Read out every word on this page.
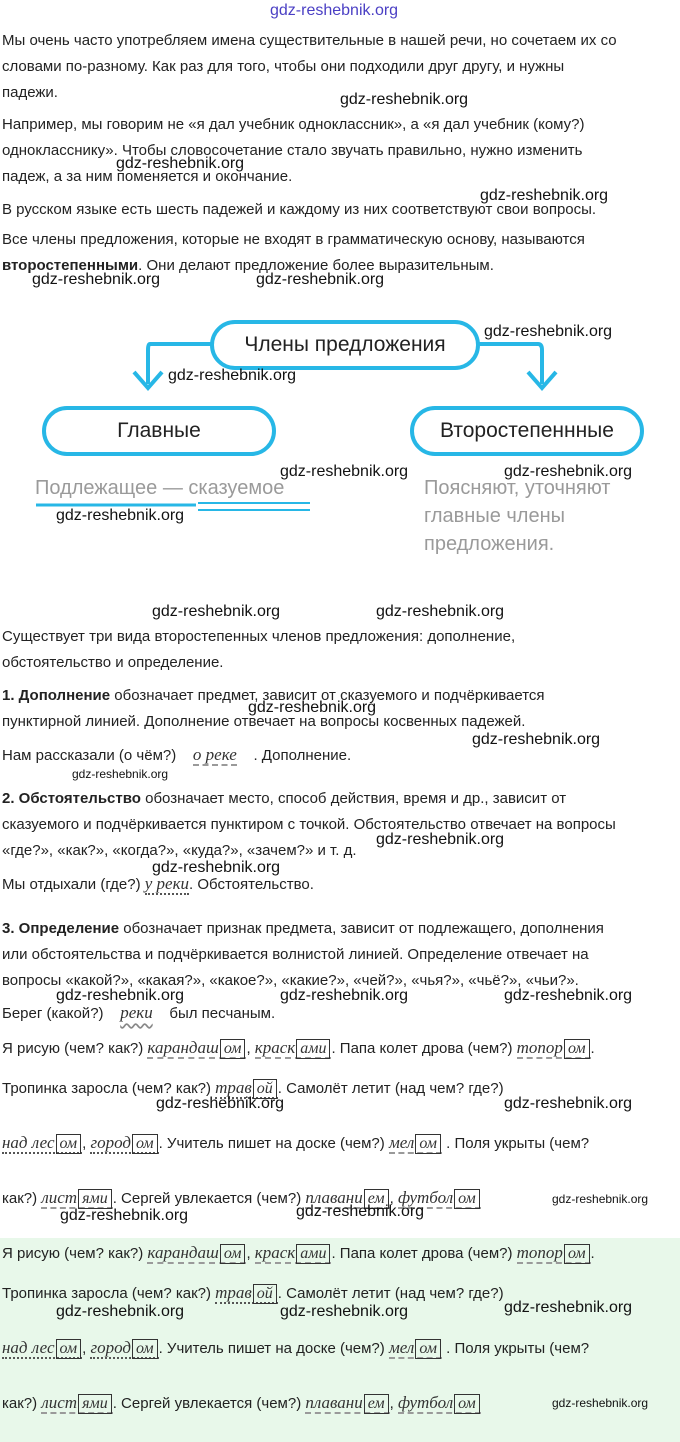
gdz-reshebnik.org
Мы очень часто употребляем имена существительные в нашей речи, но сочетаем их со
словами по-разному. Как раз для того, чтобы они подходили друг другу, и нужны
падежи.
Например, мы говорим не «я дал учебник одноклассник», а «я дал учебник (кому?)
однокласснику». Чтобы словосочетание стало звучать правильно, нужно изменить
падеж, а за ним поменяется и окончание.
В русском языке есть шесть падежей и каждому из них соответствуют свои вопросы.
Все члены предложения, которые не входят в грамматическую основу, называются
второстепенными. Они делают предложение более выразительным.
gdz-reshebnik.org
gdz-reshebnik.org
gdz-reshebnik.org
gdz-reshebnik.org	gdz-reshebnik.org
Члены предложения
Главные	Второстепеннные
Подлежащее — сказуемое	Поясняют, уточняют
главные члены
предложения.
gdz-reshebnik.org
gdz-reshebnik.org
gdz-reshebnik.org	gdz-reshebnik.org
gdz-reshebnik.org
gdz-reshebnik.org	gdz-reshebnik.org
Существует три вида второстепенных членов предложения: дополнение,
обстоятельство и определение.
1. Дополнение обозначает предмет, зависит от сказуемого и подчёркивается
пунктирной линией. Дополнение отвечает на вопросы косвенных падежей.
Нам рассказали (о чём?) о реке . Дополнение.
gdz-reshebnik.org
gdz-reshebnik.org
gdz-reshebnik.org
2. Обстоятельство обозначает место, способ действия, время и др., зависит от
сказуемого и подчёркивается пунктиром с точкой. Обстоятельство отвечает на вопросы
«где?», «как?», «когда?», «куда?», «зачем?» и т. д.
Мы отдыхали (где?) у реки. Обстоятельство.
gdz-reshebnik.org
gdz-reshebnik.org
3. Определение обозначает признак предмета, зависит от подлежащего, дополнения
или обстоятельства и подчёркивается волнистой линией. Определение отвечает на
вопросы «какой?», «какая?», «какое?», «какие?», «чей?», «чья?», «чьё?», «чьи?».
Берег (какой?) реки был песчаным.
gdz-reshebnik.org	gdz-reshebnik.org	gdz-reshebnik.org
Я рисую (чем? как?) карандаш ом , краск ами . Папа колет дрова (чем?) топор ом .
Тропинка заросла (чем? как?) трав ой . Самолёт летит (над чем? где?)
над лес ом , город ом . Учитель пишет на доске (чем?) мел ом . Поля укрыты (чем?
как?) лист ями . Сергей увлекается (чем?) плавани ем , футбол ом
gdz-reshebnik.org	gdz-reshebnik.org
gdz-reshebnik.org
gdz-reshebnik.org	gdz-reshebnik.org
Я рисую (чем? как?) карандаш ом , краск ами . Папа колет дрова (чем?) топор ом .
Тропинка заросла (чем? как?) трав ой . Самолёт летит (над чем? где?)
над лес ом , город ом . Учитель пишет на доске (чем?) мел ом . Поля укрыты (чем?
как?) лист ями . Сергей увлекается (чем?) плавани ем , футбол ом
gdz-reshebnik.org	gdz-reshebnik.org	gdz-reshebnik.org
gdz-reshebnik.org
